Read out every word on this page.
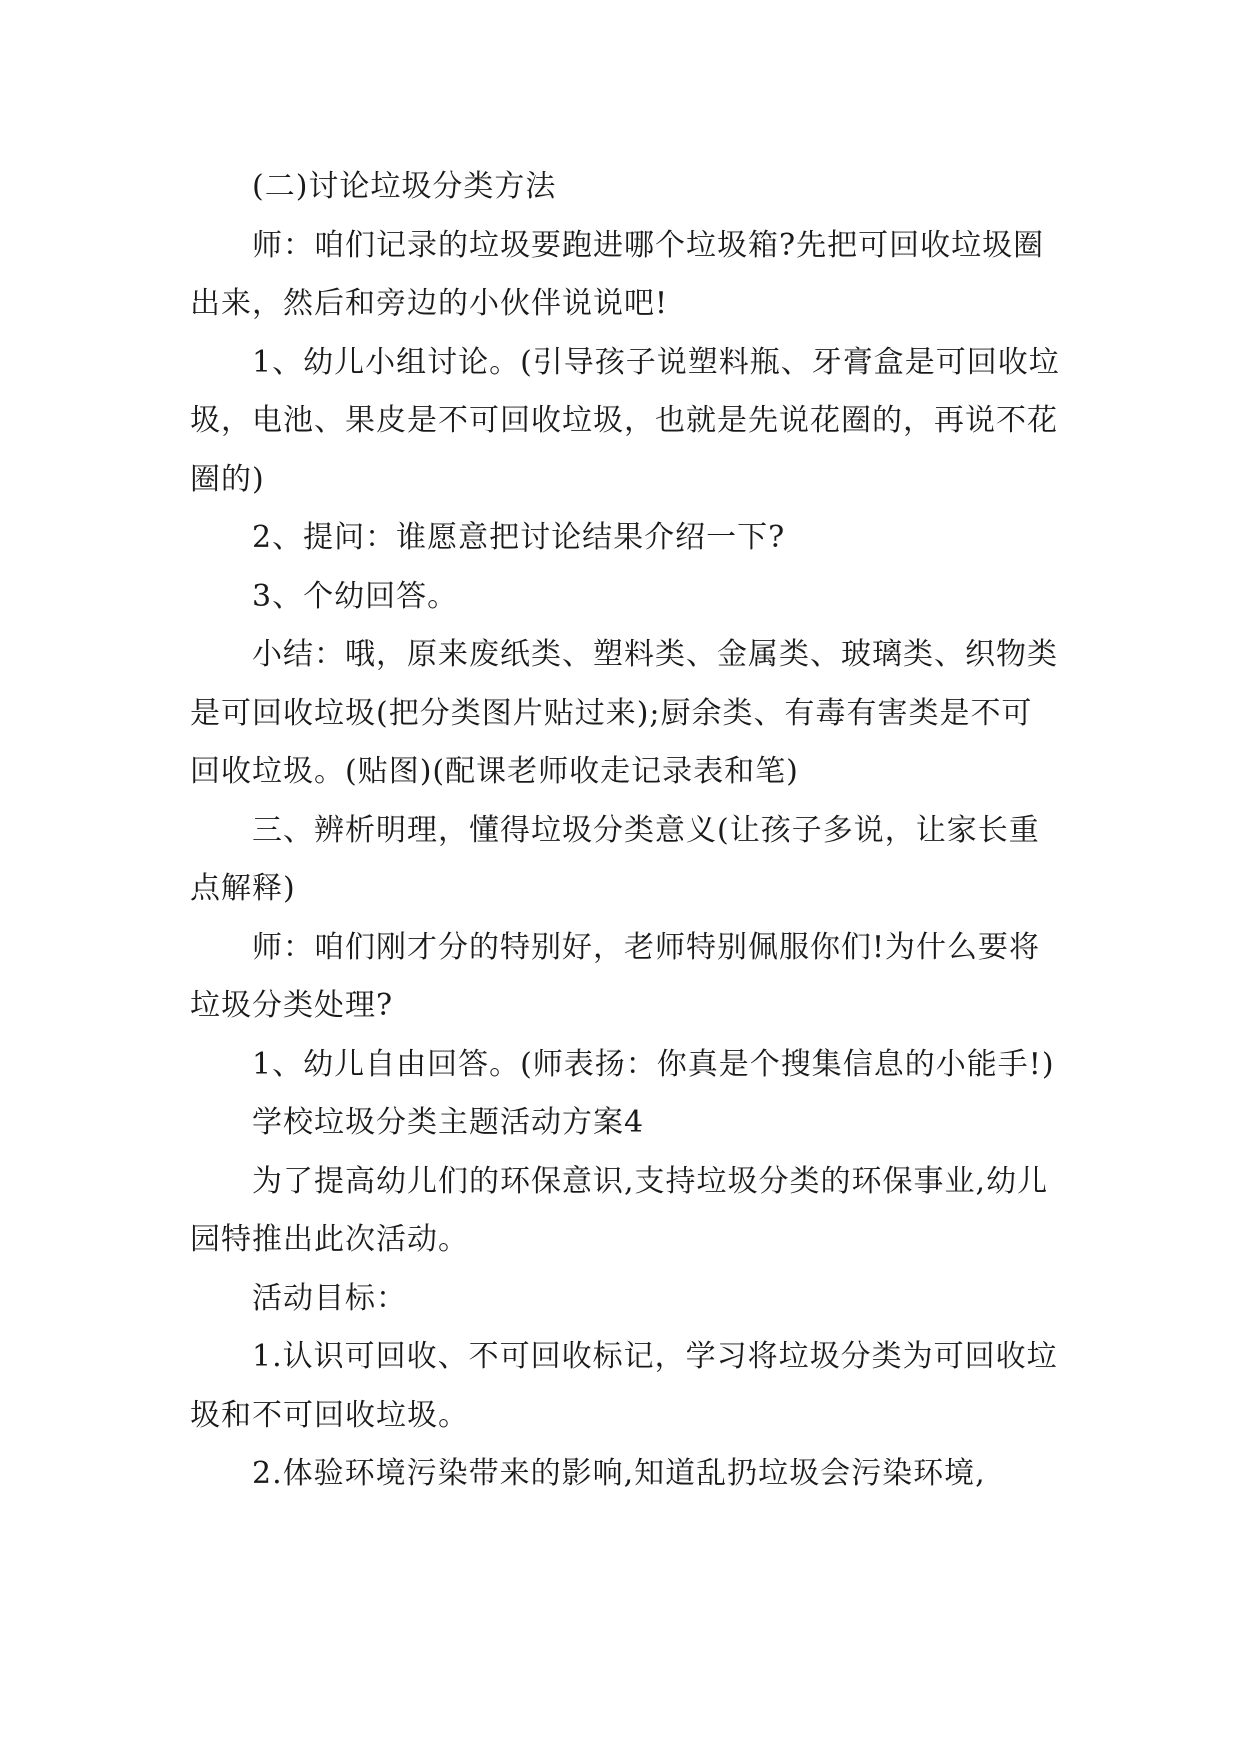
(二)讨论垃圾分类方法

师：咱们记录的垃圾要跑进哪个垃圾箱?先把可回收垃圾圈出来，然后和旁边的小伙伴说说吧!

1、幼儿小组讨论。(引导孩子说塑料瓶、牙膏盒是可回收垃圾，电池、果皮是不可回收垃圾，也就是先说花圈的，再说不花圈的)

2、提问：谁愿意把讨论结果介绍一下?

3、个幼回答。

小结：哦，原来废纸类、塑料类、金属类、玻璃类、织物类是可回收垃圾(把分类图片贴过来);厨余类、有毒有害类是不可回收垃圾。(贴图)(配课老师收走记录表和笔)

三、辨析明理，懂得垃圾分类意义(让孩子多说，让家长重点解释)

师：咱们刚才分的特别好，老师特别佩服你们!为什么要将垃圾分类处理?

1、幼儿自由回答。(师表扬：你真是个搜集信息的小能手!)

学校垃圾分类主题活动方案4

为了提高幼儿们的环保意识,支持垃圾分类的环保事业,幼儿园特推出此次活动。

活动目标：

1.认识可回收、不可回收标记，学习将垃圾分类为可回收垃圾和不可回收垃圾。

2.体验环境污染带来的影响,知道乱扔垃圾会污染环境,
